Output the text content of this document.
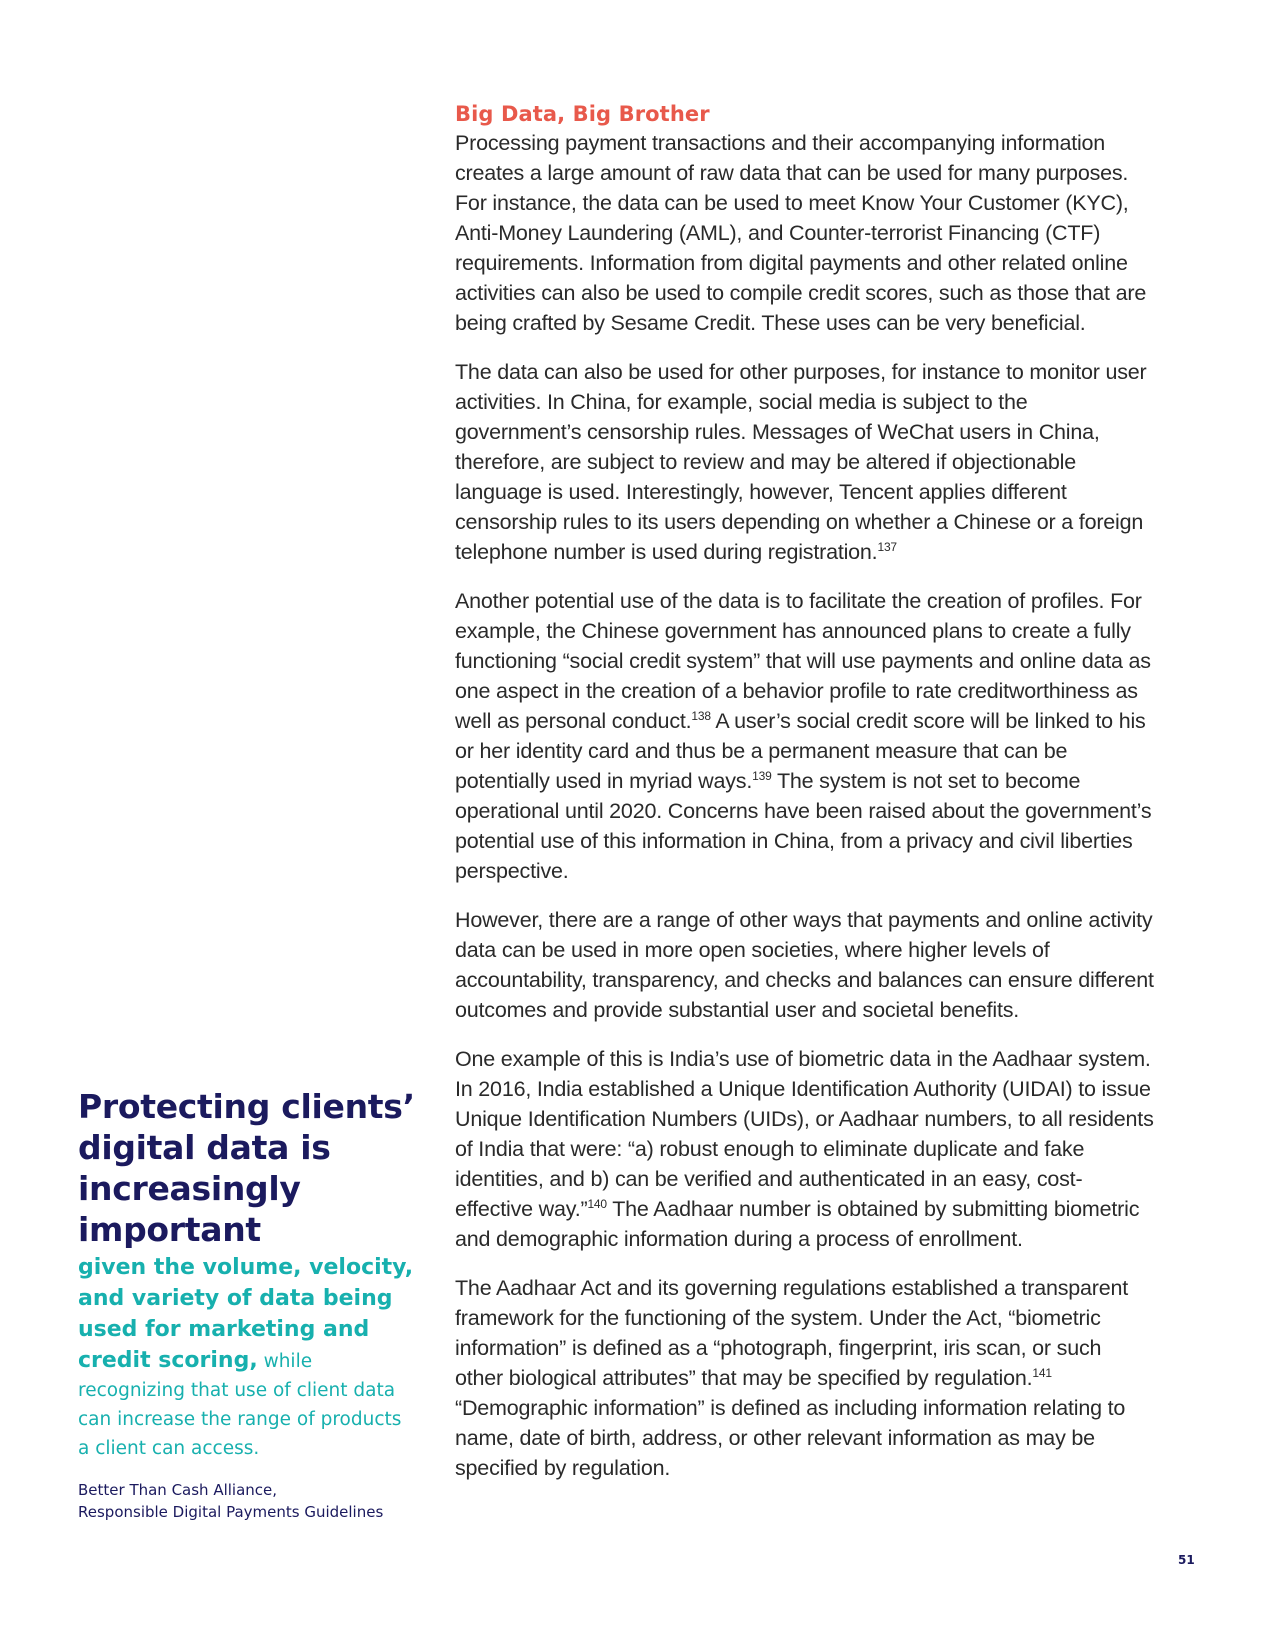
Big Data, Big Brother

Processing payment transactions and their accompanying information creates a large amount of raw data that can be used for many purposes. For instance, the data can be used to meet Know Your Customer (KYC), Anti-Money Laundering (AML), and Counter-terrorist Financing (CTF) requirements. Information from digital payments and other related online activities can also be used to compile credit scores, such as those that are being crafted by Sesame Credit. These uses can be very beneficial.

The data can also be used for other purposes, for instance to monitor user activities. In China, for example, social media is subject to the government’s censorship rules. Messages of WeChat users in China, therefore, are subject to review and may be altered if objectionable language is used. Interestingly, however, Tencent applies different censorship rules to its users depending on whether a Chinese or a foreign telephone number is used during registration.$^{137}$

Another potential use of the data is to facilitate the creation of profiles. For example, the Chinese government has announced plans to create a fully functioning “social credit system” that will use payments and online data as one aspect in the creation of a behavior profile to rate creditworthiness as well as personal conduct.$^{138}$ A user’s social credit score will be linked to his or her identity card and thus be a permanent measure that can be potentially used in myriad ways.$^{139}$ The system is not set to become operational until 2020. Concerns have been raised about the government’s potential use of this information in China, from a privacy and civil liberties perspective.

However, there are a range of other ways that payments and online activity data can be used in more open societies, where higher levels of accountability, transparency, and checks and balances can ensure different outcomes and provide substantial user and societal benefits.

One example of this is India’s use of biometric data in the Aadhaar system. In 2016, India established a Unique Identification Authority (UIDAI) to issue Unique Identification Numbers (UIDs), or Aadhaar numbers, to all residents of India that were: “a) robust enough to eliminate duplicate and fake identities, and b) can be verified and authenticated in an easy, cost-effective way.”$^{140}$ The Aadhaar number is obtained by submitting biometric and demographic information during a process of enrollment.

The Aadhaar Act and its governing regulations established a transparent framework for the functioning of the system. Under the Act, “biometric information” is defined as a “photograph, fingerprint, iris scan, or such other biological attributes” that may be specified by regulation.$^{141}$ “Demographic information” is defined as including information relating to name, date of birth, address, or other relevant information as may be specified by regulation.

Protecting clients’ digital data is increasingly important

given the volume, velocity, and variety of data being used for marketing and credit scoring, while recognizing that use of client data can increase the range of products a client can access.

Better Than Cash Alliance,
Responsible Digital Payments Guidelines
51
